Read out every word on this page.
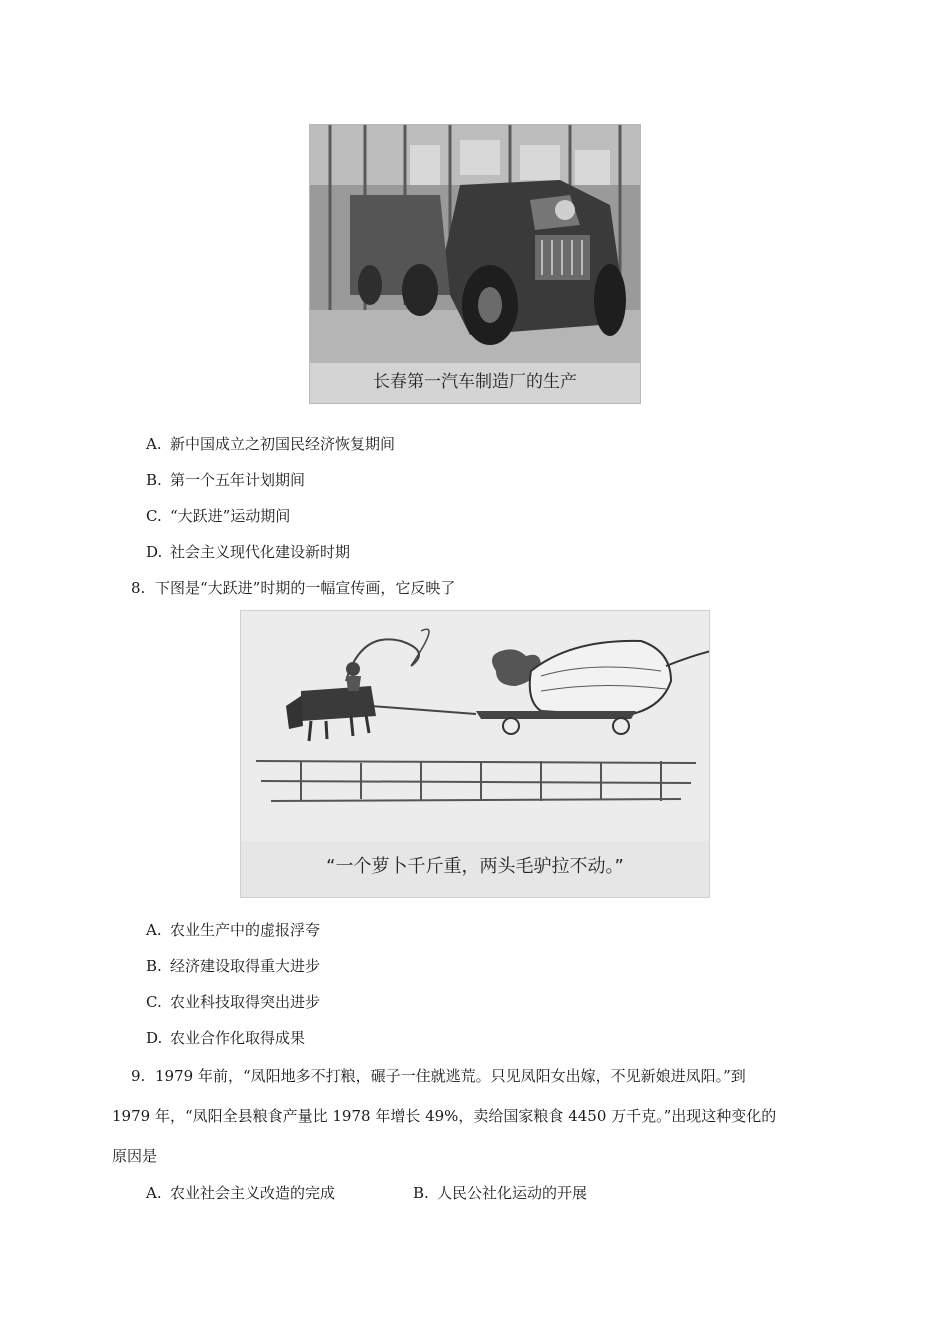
长春第一汽车制造厂的生产
A. 新中国成立之初国民经济恢复期间
B. 第一个五年计划期间
C. “大跃进”运动期间
D. 社会主义现代化建设新时期
8. 下图是“大跃进”时期的一幅宣传画，它反映了
“一个萝卜千斤重，两头毛驴拉不动。”
A. 农业生产中的虚报浮夸
B. 经济建设取得重大进步
C. 农业科技取得突出进步
D. 农业合作化取得成果
9. 1979 年前，“凤阳地多不打粮，碾子一住就逃荒。只见凤阳女出嫁，不见新娘进凤阳。”到
1979 年，“凤阳全县粮食产量比 1978 年增长 49%，卖给国家粮食 4450 万千克。”出现这种变化的
原因是
A. 农业社会主义改造的完成	B. 人民公社化运动的开展
